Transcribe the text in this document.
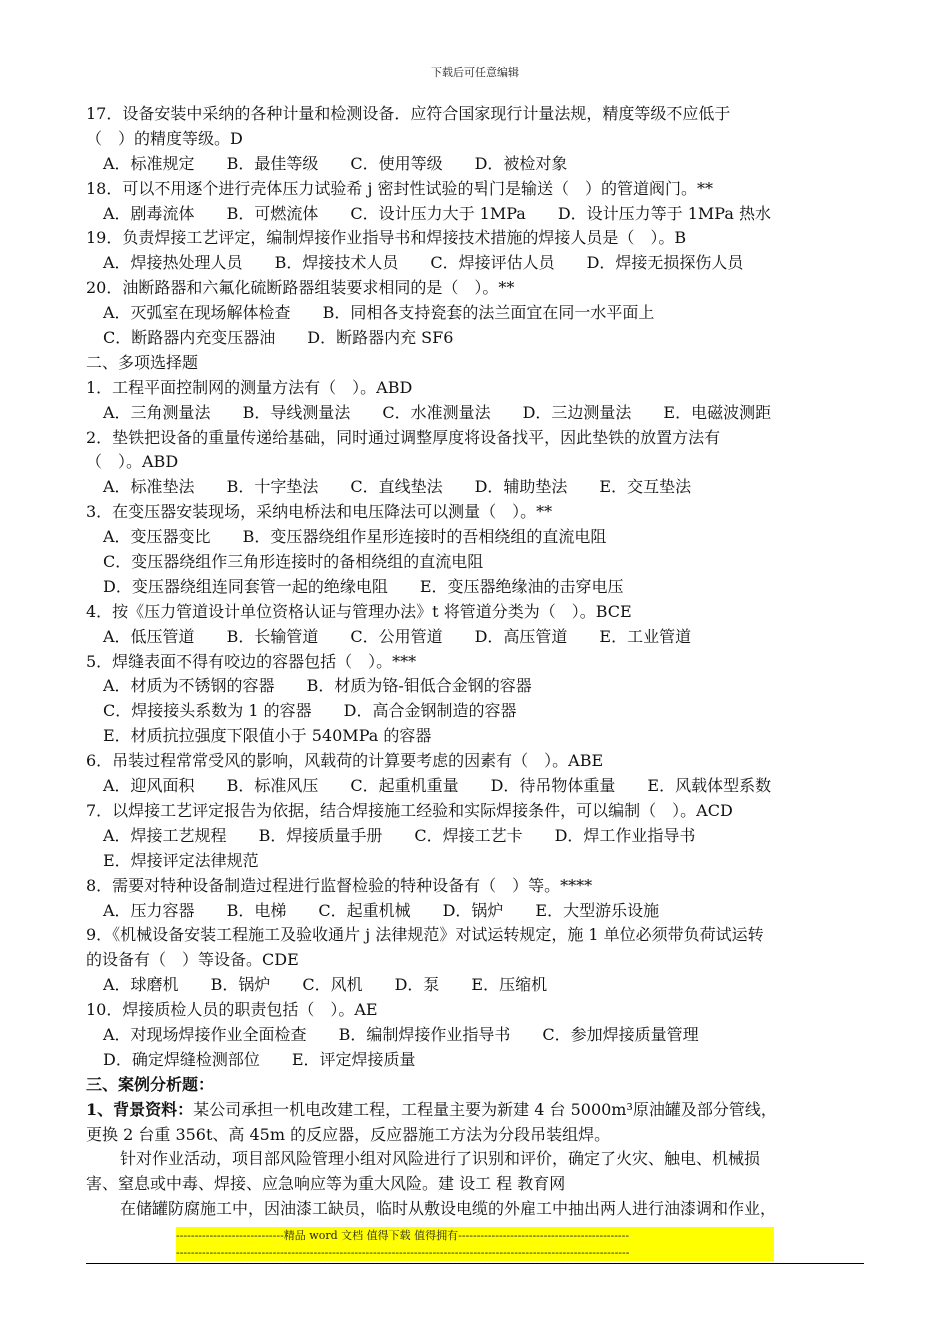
下载后可任意编辑
17．设备安装中采纳的各种计量和检测设备．应符合国家现行计量法规，精度等级不应低于
（　）的精度等级。D
A．标准规定 B．最佳等级 C．使用等级 D．被检对象
18．可以不用逐个进行壳体压力试验希 j 密封性试验的튁门是输送（　）的管道阀门。**
A．剧毒流体 B．可燃流体 C．设计压力大于 1MPa D．设计压力等于 1MPa 热水
19．负责焊接工艺评定，编制焊接作业指导书和焊接技术措施的焊接人员是（　）。B
A．焊接热处理人员 B．焊接技术人员 C．焊接评估人员 D．焊接无损探伤人员
20．油断路器和六氟化硫断路器组装要求相同的是（　）。**
A．灭弧室在现场解体检查 B．同相各支持瓷套的法兰面宜在同一水平面上
C．断路器内充变压器油 D．断路器内充 SF6
二、多项选择题
1．工程平面控制网的测量方法有（　）。ABD
A．三角测量法 B．导线测量法 C．水准测量法 D．三边测量法 E．电磁波测距
2．垫铁把设备的重量传递给基础，同时通过调整厚度将设备找平，因此垫铁的放置方法有
（　）。ABD
A．标准垫法 B．十字垫法 C．直线垫法 D．辅助垫法 E．交互垫法
3．在变压器安装现场，采纳电桥法和电压降法可以测量（　）。**
A．变压器变比 B．变压器绕组作星形连接时的吾相绕组的直流电阻
C．变压器绕组作三角形连接时的备相绕组的直流电阻
D．变压器绕组连同套管一起的绝缘电阻 E．变压器绝缘油的击穿电压
4．按《压力管道设计单位资格认证与管理办法》t 将管道分类为（　）。BCE
A．低压管道 B．长输管道 C．公用管道 D．高压管道 E．工业管道
5．焊缝表面不得有咬边的容器包括（　）。***
A．材质为不锈钢的容器 B．材质为铬-钼低合金钢的容器
C．焊接接头系数为 1 的容器 D．高合金钢制造的容器
E．材质抗拉强度下限值小于 540MPa 的容器
6．吊装过程常常受风的影响，风载荷的计算要考虑的因素有（　）。ABE
A．迎风面积 B．标准风压 C．起重机重量 D．待吊物体重量 E．风载体型系数
7．以焊接工艺评定报告为依据，结合焊接施工经验和实际焊接条件，可以编制（　）。ACD
A．焊接工艺规程 B．焊接质量手册 C．焊接工艺卡 D．焊工作业指导书
E．焊接评定法律规范
8．需要对特种设备制造过程进行监督检验的特种设备有（　）等。****
A．压力容器 B．电梯 C．起重机械 D．锅炉 E．大型游乐设施
9．《机械设备安装工程施工及验收通片 j 法律规范》对试运转规定，施 1 单位必须带负荷试运转
的设备有（　）等设备。CDE
A．球磨机 B．锅炉 C．风机 D．泵 E．压缩机
10．焊接质检人员的职责包括（　）。AE
A．对现场焊接作业全面检查 B．编制焊接作业指导书 C．参加焊接质量管理
D．确定焊缝检测部位 E．评定焊接质量
三、案例分析题：
1、背景资料：某公司承担一机电改建工程，工程量主要为新建 4 台 5000m³原油罐及部分管线，
更换 2 台重 356t、高 45m 的反应器，反应器施工方法为分段吊装组焊。
针对作业活动，项目部风险管理小组对风险进行了识别和评价，确定了火灾、触电、机械损
害、窒息或中毒、焊接、应急响应等为重大风险。建 设工 程 教育网
在储罐防腐施工中，因油漆工缺员，临时从敷设电缆的外雇工中抽出两人进行油漆调和作业，
-----------------------------精品 word 文档 值得下载 值得拥有----------------------------------------------
--------------------------------------------------------------------------------------------------------------------------
